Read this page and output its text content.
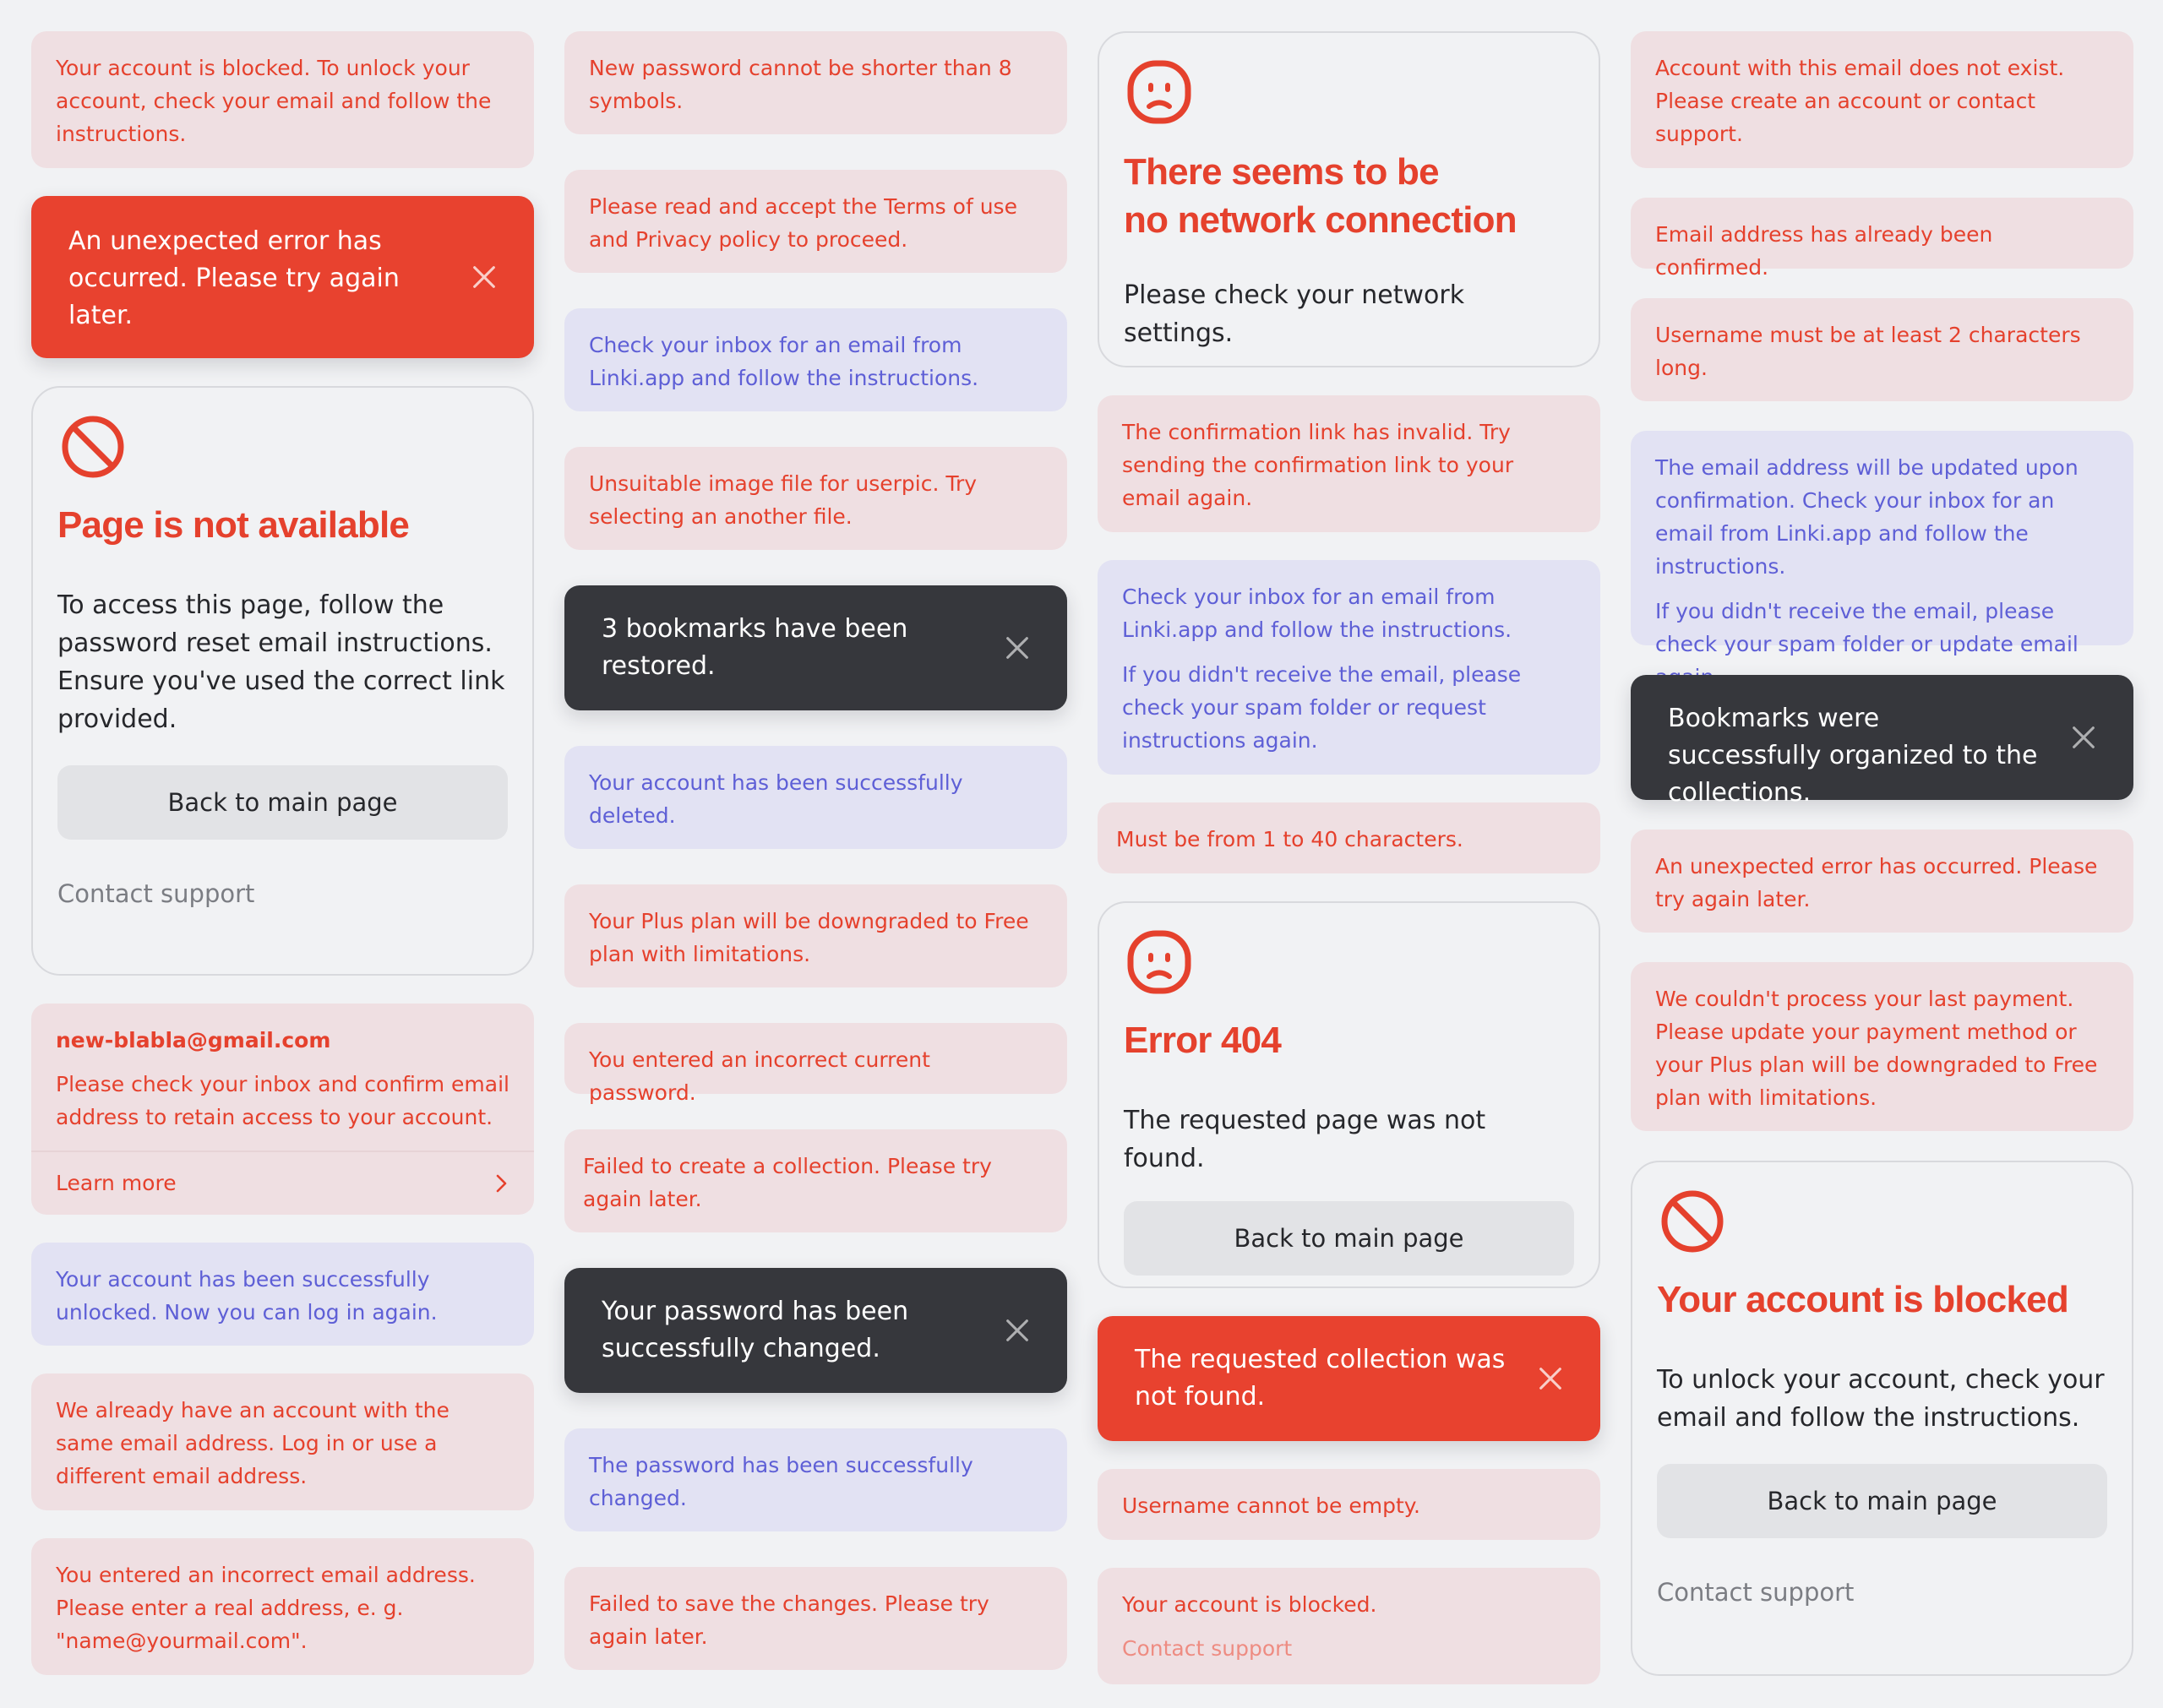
Your account is blocked. To unlock your account, check your email and follow the instructions.
An unexpected error has occurred. Please try again later.
Page is not available
To access this page, follow the password reset email instructions. Ensure you've used the correct link provided.
Back to main page
Contact support
new-blabla@gmail.com
Please check your inbox and confirm email address to retain access to your account.
Learn more
Your account has been successfully unlocked. Now you can log in again.
We already have an account with the same email address. Log in or use a different email address.
You entered an incorrect email address. Please enter a real address, e. g. "name@yourmail.com".
New password cannot be shorter than 8 symbols.
Please read and accept the Terms of use and Privacy policy to proceed.
Check your inbox for an email from Linki.app and follow the instructions.
Unsuitable image file for userpic. Try selecting an another file.
3 bookmarks have been restored.
Your account has been successfully deleted.
Your Plus plan will be downgraded to Free plan with limitations.
You entered an incorrect current password.
Failed to create a collection. Please try again later.
Your password has been successfully changed.
The password has been successfully changed.
Failed to save the changes. Please try again later.
There seems to be
no network connection
Please check your network settings.
The confirmation link has invalid. Try sending the confirmation link to your email again.

Check your inbox for an email from Linki.app and follow the instructions.

If you didn't receive the email, please check your spam folder or request instructions again.

Must be from 1 to 40 characters.
Error 404
The requested page was not found.
Back to main page
The requested collection was not found.
Username cannot be empty.
Your account is blocked.
Contact support
Account with this email does not exist. Please create an account or contact support.
Email address has already been confirmed.
Username must be at least 2 characters long.

The email address will be updated upon confirmation. Check your inbox for an email from Linki.app and follow the instructions.

If you didn't receive the email, please check your spam folder or update email

Bookmarks were successfully organized to the collections.
An unexpected error has occurred. Please try again later.
We couldn't process your last payment. Please update your payment method or your Plus plan will be downgraded to Free plan with limitations.
Your account is blocked
To unlock your account, check your email and follow the instructions.
Back to main page
Contact support
